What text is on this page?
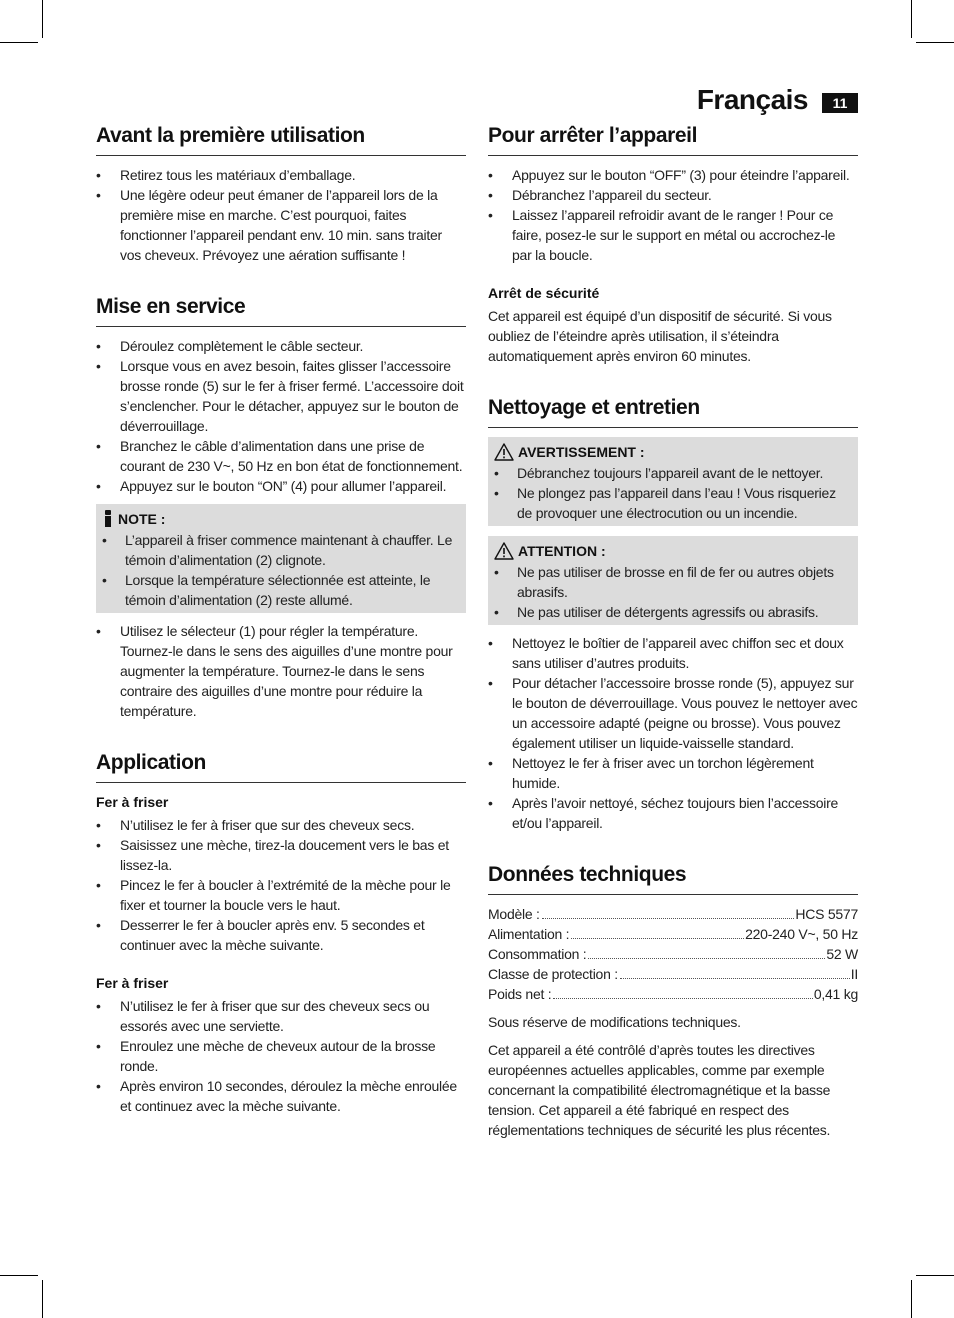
Français	11
Avant la première utilisation
• Retirez tous les matériaux d’emballage.
• Une légère odeur peut émaner de l’appareil lors de la première mise en marche. C’est pourquoi, faites fonctionner l’appareil pendant env. 10 min. sans traiter vos cheveux. Prévoyez une aération suffisante !
Mise en service
• Déroulez complètement le câble secteur.
• Lorsque vous en avez besoin, faites glisser l’accessoire brosse ronde (5) sur le fer à friser fermé. L’accessoire doit s’enclencher. Pour le détacher, appuyez sur le bouton de déverrouillage.
• Branchez le câble d’alimentation dans une prise de courant de 230 V~, 50 Hz en bon état de fonctionnement.
• Appuyez sur le bouton “ON” (4) pour allumer l’appareil.
NOTE :
• L’appareil à friser commence maintenant à chauffer. Le témoin d’alimentation (2) clignote.
• Lorsque la température sélectionnée est atteinte, le témoin d’alimentation (2) reste allumé.
• Utilisez le sélecteur (1) pour régler la température. Tournez-le dans le sens des aiguilles d’une montre pour augmenter la température. Tournez-le dans le sens contraire des aiguilles d’une montre pour réduire la température.
Application
Fer à friser
• N’utilisez le fer à friser que sur des cheveux secs.
• Saisissez une mèche, tirez-la doucement vers le bas et lissez-la.
• Pincez le fer à boucler à l’extrémité de la mèche pour le fixer et tourner la boucle vers le haut.
• Desserrer le fer à boucler après env. 5 secondes et continuer avec la mèche suivante.
Fer à friser
• N’utilisez le fer à friser que sur des cheveux secs ou essorés avec une serviette.
• Enroulez une mèche de cheveux autour de la brosse ronde.
• Après environ 10 secondes, déroulez la mèche enroulée et continuez avec la mèche suivante.
Pour arrêter l’appareil
• Appuyez sur le bouton “OFF” (3) pour éteindre l’appareil.
• Débranchez l’appareil du secteur.
• Laissez l’appareil refroidir avant de le ranger ! Pour ce faire, posez-le sur le support en métal ou accrochez-le par la boucle.
Arrêt de sécurité

Cet appareil est équipé d’un dispositif de sécurité. Si vous oubliez de l’éteindre après utilisation, il s’éteindra automatiquement après environ 60 minutes.

Nettoyage et entretien
AVERTISSEMENT :
• Débranchez toujours l’appareil avant de le nettoyer.
• Ne plongez pas l’appareil dans l’eau ! Vous risqueriez de provoquer une électrocution ou un incendie.
ATTENTION :
• Ne pas utiliser de brosse en fil de fer ou autres objets abrasifs.
• Ne pas utiliser de détergents agressifs ou abrasifs.
• Nettoyez le boîtier de l’appareil avec chiffon sec et doux sans utiliser d’autres produits.
• Pour détacher l’accessoire brosse ronde (5), appuyez sur le bouton de déverrouillage. Vous pouvez le nettoyer avec un accessoire adapté (peigne ou brosse). Vous pouvez également utiliser un liquide-vaisselle standard.
• Nettoyez le fer à friser avec un torchon légèrement humide.
• Après l’avoir nettoyé, séchez toujours bien l’accessoire et/ou l’appareil.
Données techniques
Modèle :	HCS 5577
Alimentation :	220-240 V~, 50 Hz
Consommation :	52 W
Classe de protection :	II
Poids net :	0,41 kg

Sous réserve de modifications techniques.

Cet appareil a été contrôlé d’après toutes les directives européennes actuelles applicables, comme par exemple concernant la compatibilité électromagnétique et la basse tension. Cet appareil a été fabriqué en respect des réglementations techniques de sécurité les plus récentes.
